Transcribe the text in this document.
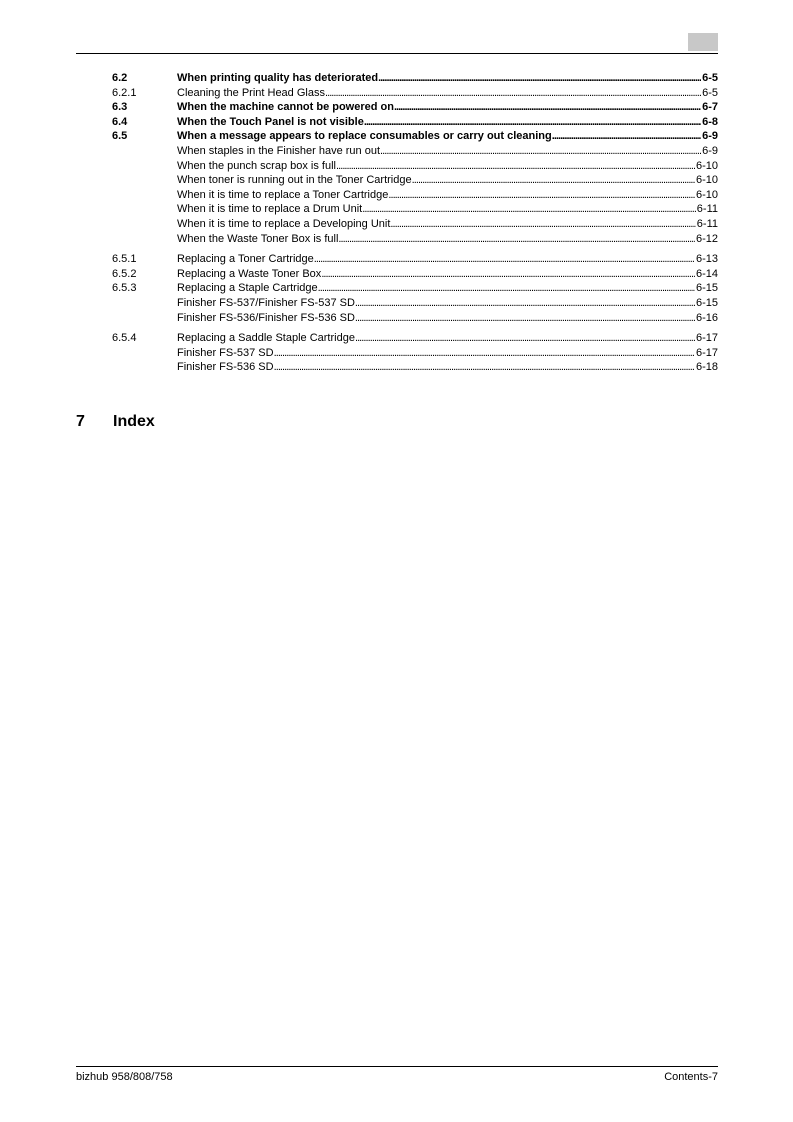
6.2	When printing quality has deteriorated . . .	6-5
6.2.1	Cleaning the Print Head Glass . . .	6-5
6.3	When the machine cannot be powered on . . .	6-7
6.4	When the Touch Panel is not visible . . .	6-8
6.5	When a message appears to replace consumables or carry out cleaning . . .	6-9
When staples in the Finisher have run out . . .	6-9
When the punch scrap box is full . . .	6-10
When toner is running out in the Toner Cartridge . . .	6-10
When it is time to replace a Toner Cartridge . . .	6-10
When it is time to replace a Drum Unit . . .	6-11
When it is time to replace a Developing Unit . . .	6-11
When the Waste Toner Box is full . . .	6-12
6.5.1	Replacing a Toner Cartridge . . .	6-13
6.5.2	Replacing a Waste Toner Box . . .	6-14
6.5.3	Replacing a Staple Cartridge . . .	6-15
Finisher FS-537/Finisher FS-537 SD . . .	6-15
Finisher FS-536/Finisher FS-536 SD . . .	6-16
6.5.4	Replacing a Saddle Staple Cartridge . . .	6-17
Finisher FS-537 SD . . .	6-17
Finisher FS-536 SD . . .	6-18
7	Index
bizhub 958/808/758	Contents-7
